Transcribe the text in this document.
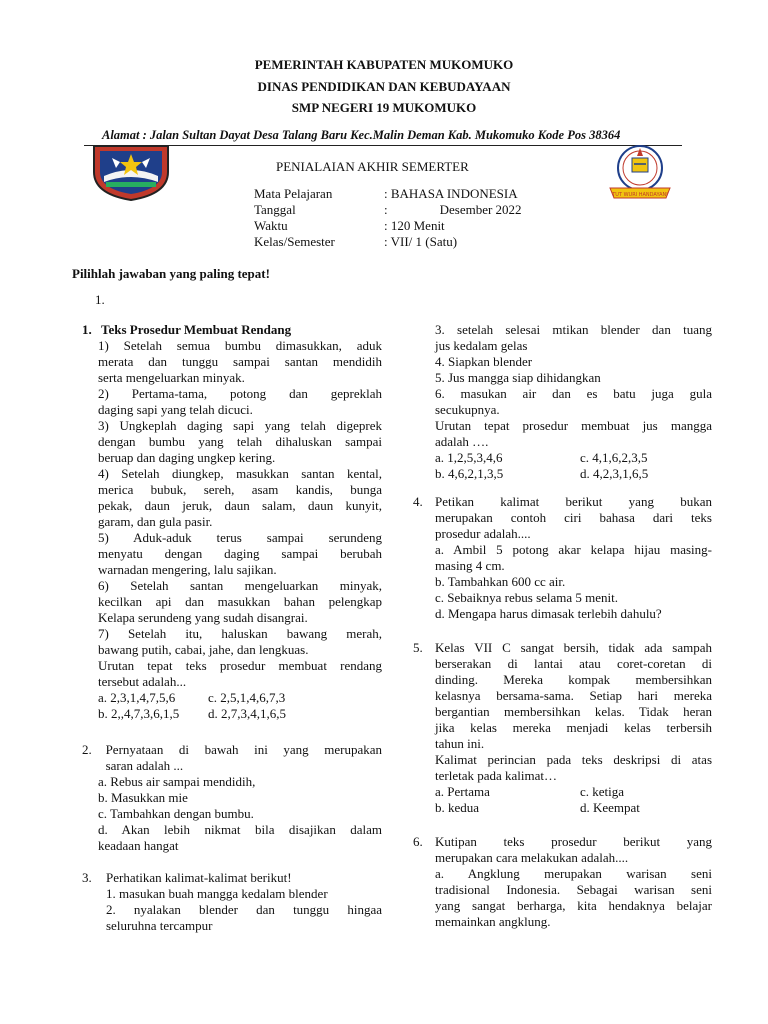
PEMERINTAH KABUPATEN MUKOMUKO
DINAS PENDIDIKAN DAN KEBUDAYAAN
SMP NEGERI 19 MUKOMUKO
Alamat : Jalan Sultan Dayat Desa Talang Baru Kec.Malin Deman Kab. Mukomuko Kode Pos 38364
TUT WURI HANDAYANI
PENIALAIAN AKHIR SEMERTER
Mata Pelajaran	: BAHASA INDONESIA
Tanggal	:                Desember 2022
Waktu	: 120 Menit
Kelas/Semester	: VII/ 1 (Satu)
Pilihlah jawaban yang paling tepat!
1.
1. Teks Prosedur Membuat Rendang
1) Setelah semua bumbu dimasukkan, aduk
merata dan tunggu sampai santan mendidih
serta mengeluarkan minyak.
2) Pertama-tama, potong dan gepreklah
daging sapi yang telah dicuci.
3) Ungkeplah daging sapi yang telah digeprek
dengan bumbu yang telah dihaluskan sampai
beruap dan daging ungkep kering.
4) Setelah diungkep, masukkan santan kental,
merica bubuk, sereh, asam kandis, bunga
pekak, daun jeruk, daun salam, daun kunyit,
garam, dan gula pasir.
5) Aduk-aduk terus sampai serundeng
menyatu dengan daging sampai berubah
warnadan mengering, lalu sajikan.
6) Setelah santan mengeluarkan minyak,
kecilkan api dan masukkan bahan pelengkap
Kelapa serundeng yang sudah disangrai.
7) Setelah itu, haluskan bawang merah,
bawang putih, cabai, jahe, dan lengkuas.
Urutan tepat teks prosedur membuat rendang
tersebut adalah...
a. 2,3,1,4,7,5,6	c. 2,5,1,4,6,7,3
b. 2,,4,7,3,6,1,5	d. 2,7,3,4,1,6,5
2.	Pernyataan di bawah ini yang merupakan
saran adalah ...
a. Rebus air sampai mendidih,
b. Masukkan mie
c. Tambahkan dengan bumbu.
d. Akan lebih nikmat bila disajikan dalam
keadaan hangat
3.	Perhatikan kalimat-kalimat berikut!
1. masukan buah mangga kedalam blender
2. nyalakan blender dan tunggu hingaa
seluruhna tercampur
3. setelah selesai mtikan blender dan tuang
jus kedalam gelas
4. Siapkan blender
5. Jus mangga siap dihidangkan
6. masukan air dan es batu juga gula
secukupnya.
Urutan tepat prosedur membuat jus mangga
adalah ….
a. 1,2,5,3,4,6	c. 4,1,6,2,3,5
b. 4,6,2,1,3,5	d. 4,2,3,1,6,5
4. Petikan kalimat berikut yang bukan
merupakan contoh ciri bahasa dari teks
prosedur adalah....
a. Ambil 5 potong akar kelapa hijau masing-
masing 4 cm.
b. Tambahkan 600 cc air.
c. Sebaiknya rebus selama 5 menit.
d. Mengapa harus dimasak terlebih dahulu?
5. Kelas VII C sangat bersih, tidak ada sampah
berserakan di lantai atau coret-coretan di
dinding. Mereka kompak membersihkan
kelasnya bersama-sama. Setiap hari mereka
bergantian membersihkan kelas. Tidak heran
jika kelas mereka menjadi kelas terbersih
tahun ini.
Kalimat perincian pada teks deskripsi di atas
terletak pada kalimat…
a. Pertama	c. ketiga
b. kedua	d. Keempat
6. Kutipan teks prosedur berikut yang
merupakan cara melakukan adalah....
a. Angklung merupakan warisan seni
tradisional Indonesia. Sebagai warisan seni
yang sangat berharga, kita hendaknya belajar
memainkan angklung.
